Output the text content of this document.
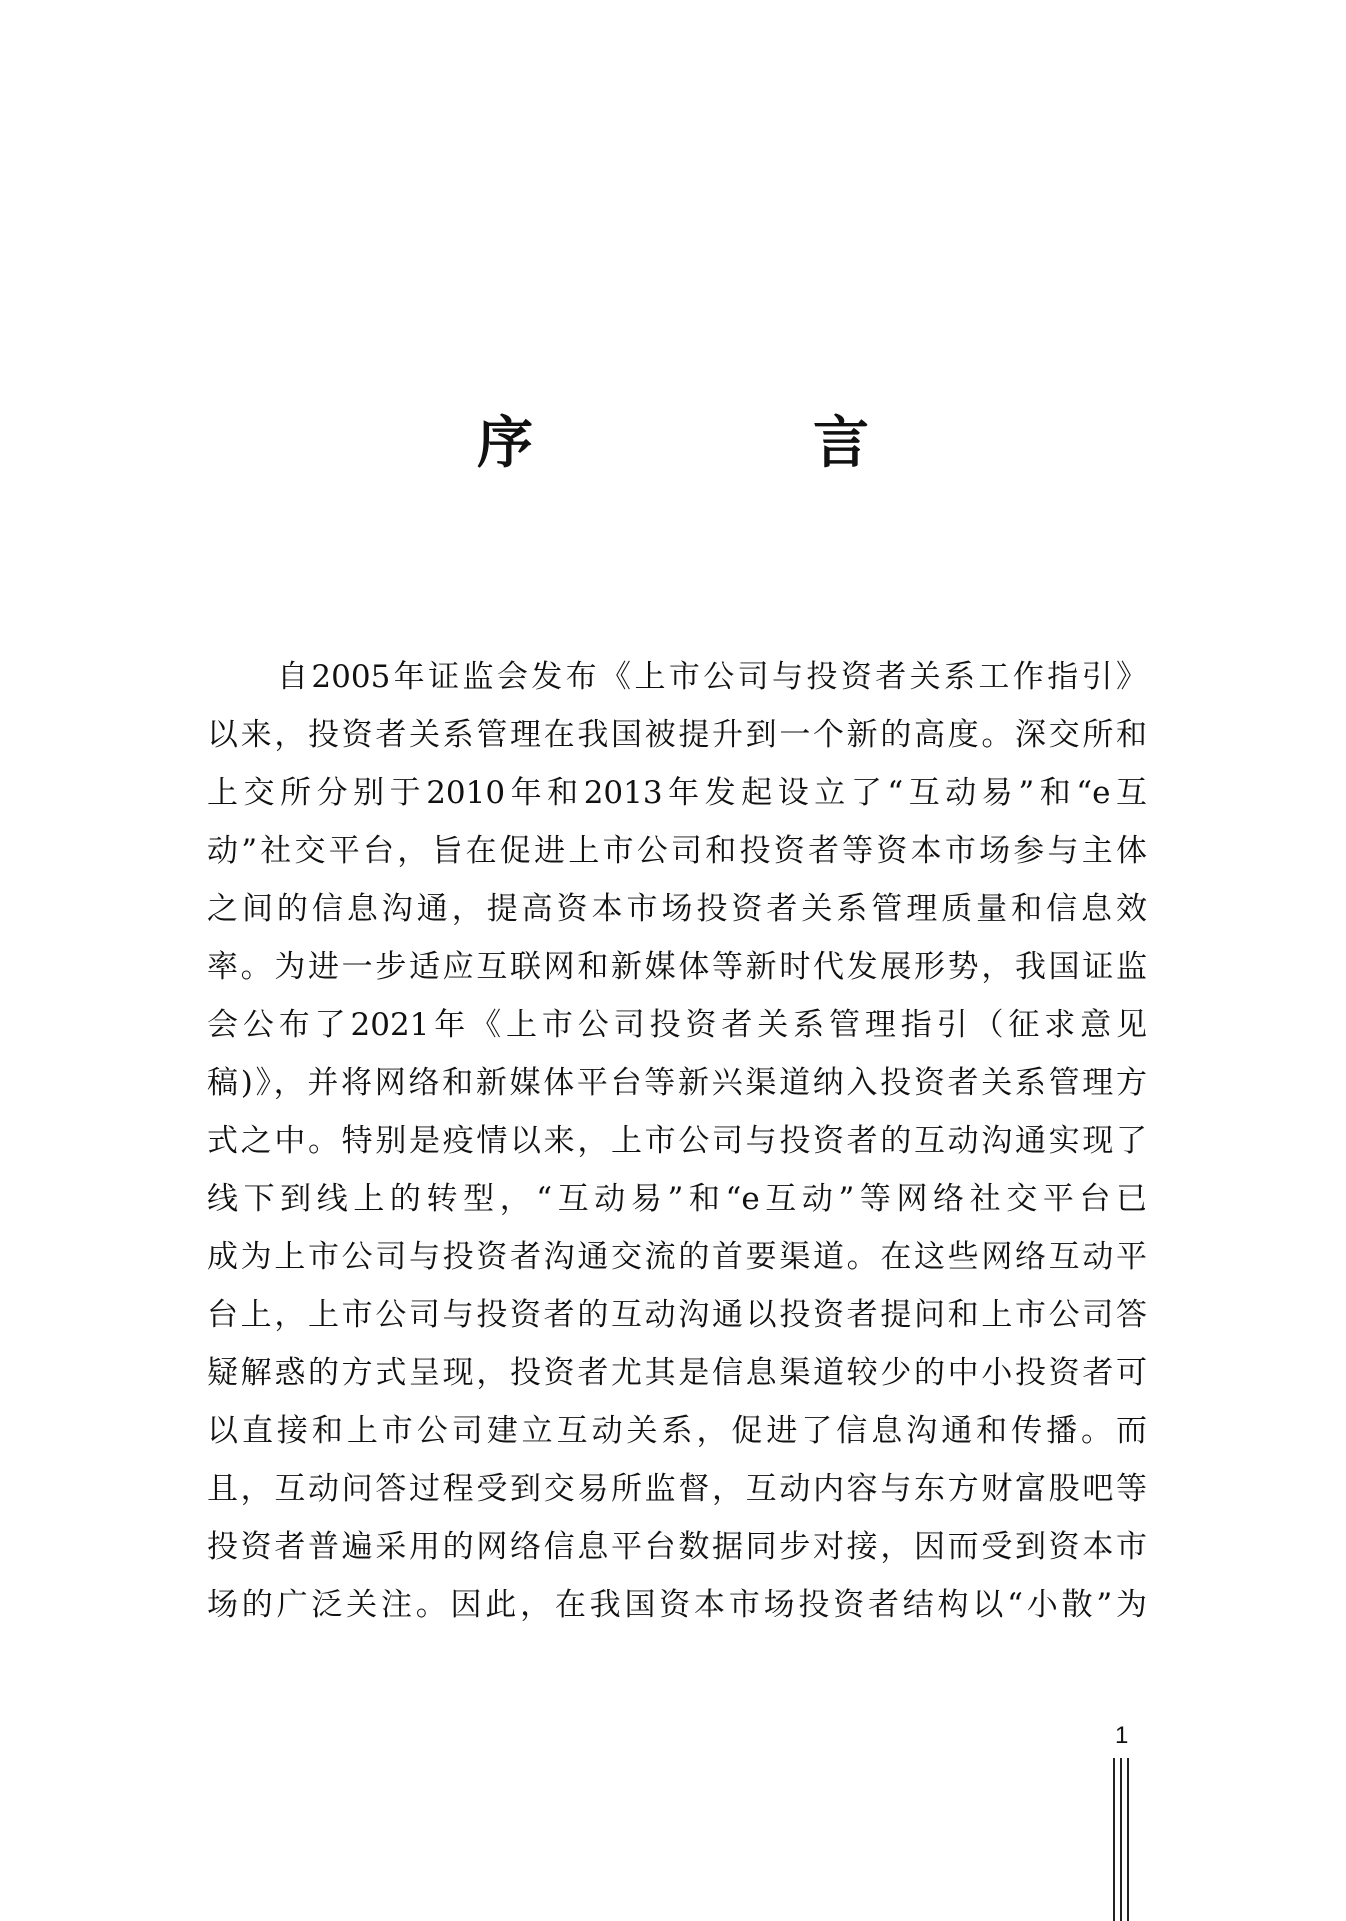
序　言
自2005年证监会发布《上市公司与投资者关系工作指引》
以来，投资者关系管理在我国被提升到一个新的高度。深交所和
上交所分别于2010年和2013年发起设立了“互动易”和“e互
动”社交平台，旨在促进上市公司和投资者等资本市场参与主体
之间的信息沟通，提高资本市场投资者关系管理质量和信息效
率。为进一步适应互联网和新媒体等新时代发展形势，我国证监
会公布了2021年《上市公司投资者关系管理指引（征求意见
稿)》，并将网络和新媒体平台等新兴渠道纳入投资者关系管理方
式之中。特别是疫情以来，上市公司与投资者的互动沟通实现了
线下到线上的转型，“互动易”和“e互动”等网络社交平台已
成为上市公司与投资者沟通交流的首要渠道。在这些网络互动平
台上，上市公司与投资者的互动沟通以投资者提问和上市公司答
疑解惑的方式呈现，投资者尤其是信息渠道较少的中小投资者可
以直接和上市公司建立互动关系，促进了信息沟通和传播。而
且，互动问答过程受到交易所监督，互动内容与东方财富股吧等
投资者普遍采用的网络信息平台数据同步对接，因而受到资本市
场的广泛关注。因此，在我国资本市场投资者结构以“小散”为
1
